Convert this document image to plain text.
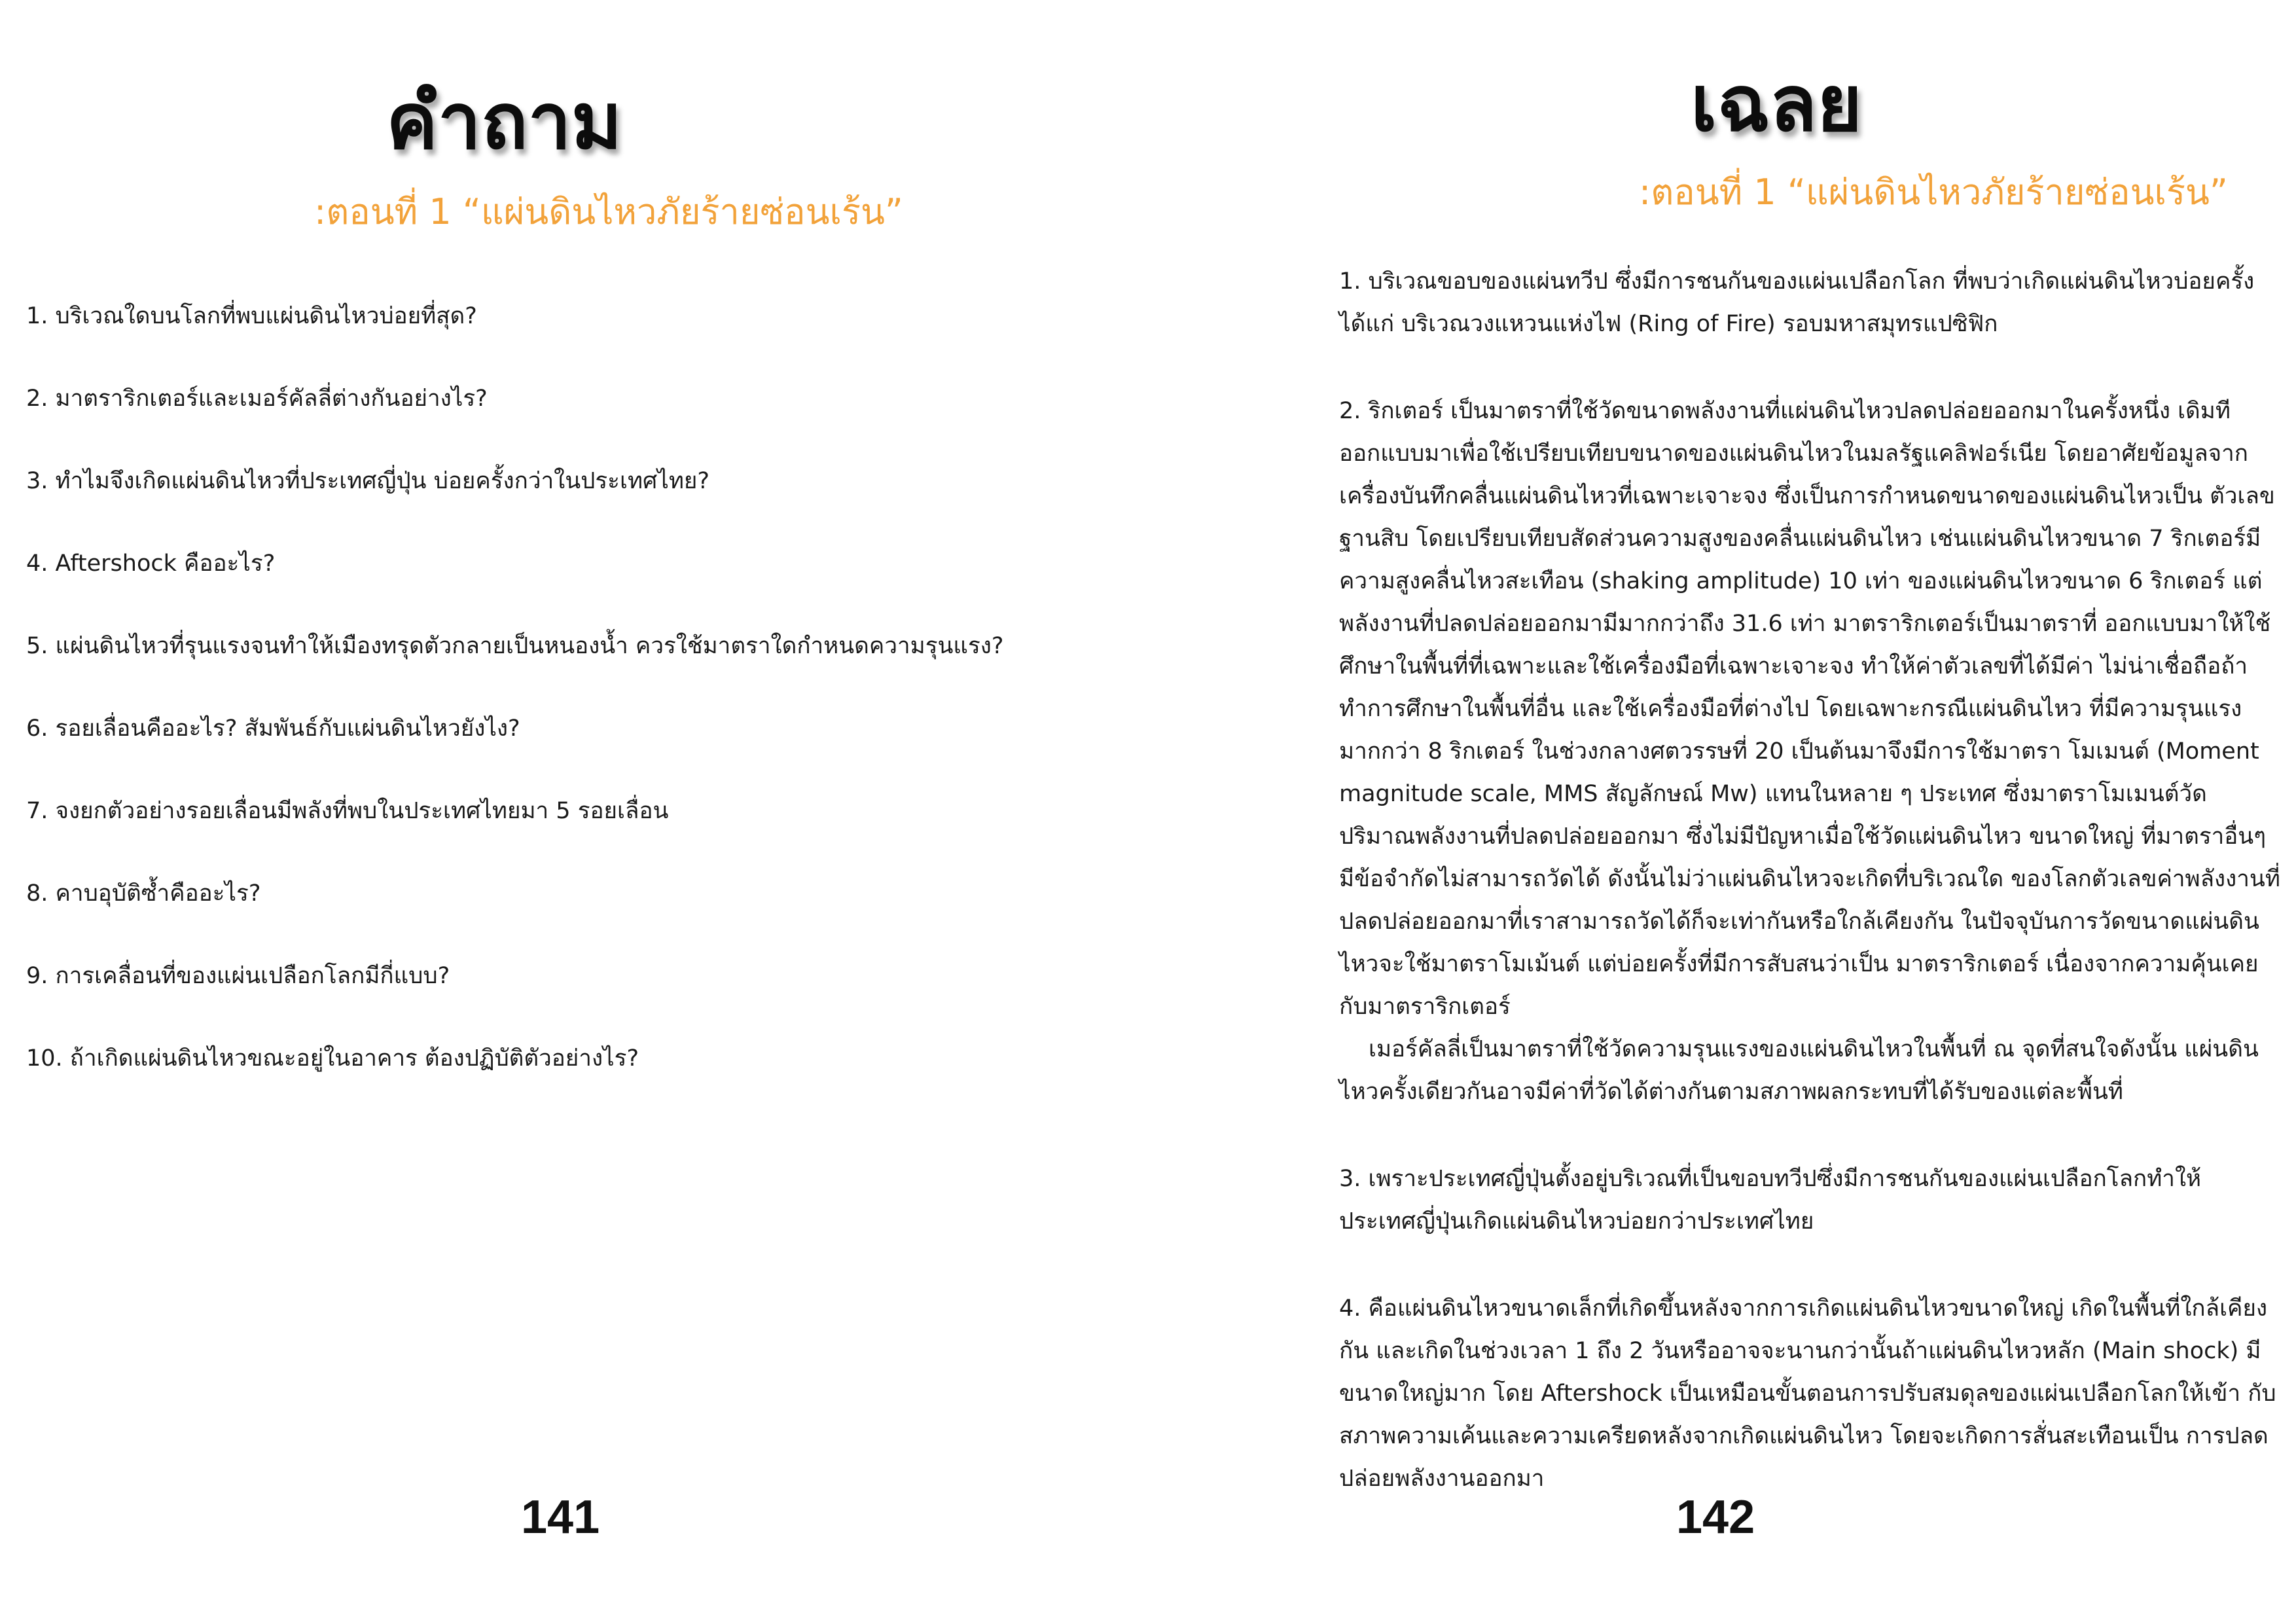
คำถาม
:ตอนที่ 1 “แผ่นดินไหวภัยร้ายซ่อนเร้น”
1. บริเวณใดบนโลกที่พบแผ่นดินไหวบ่อยที่สุด?
2. มาตราริกเตอร์และเมอร์คัลลี่ต่างกันอย่างไร?
3. ทำไมจึงเกิดแผ่นดินไหวที่ประเทศญี่ปุ่น บ่อยครั้งกว่าในประเทศไทย?
4. Aftershock คืออะไร?
5. แผ่นดินไหวที่รุนแรงจนทำให้เมืองทรุดตัวกลายเป็นหนองน้ำ ควรใช้มาตราใดกำหนดความรุนแรง?
6. รอยเลื่อนคืออะไร? สัมพันธ์กับแผ่นดินไหวยังไง?
7. จงยกตัวอย่างรอยเลื่อนมีพลังที่พบในประเทศไทยมา 5 รอยเลื่อน
8. คาบอุบัติซ้ำคืออะไร?
9. การเคลื่อนที่ของแผ่นเปลือกโลกมีกี่แบบ?
10. ถ้าเกิดแผ่นดินไหวขณะอยู่ในอาคาร ต้องปฏิบัติตัวอย่างไร?
141
เฉลย
:ตอนที่ 1 “แผ่นดินไหวภัยร้ายซ่อนเร้น”

1. บริเวณขอบของแผ่นทวีป ซึ่งมีการชนกันของแผ่นเปลือกโลก ที่พบว่าเกิดแผ่นดินไหวบ่อยครั้ง ได้แก่ บริเวณวงแหวนแห่งไฟ (Ring of Fire) รอบมหาสมุทรแปซิฟิก

2. ริกเตอร์ เป็นมาตราที่ใช้วัดขนาดพลังงานที่แผ่นดินไหวปลดปล่อยออกมาในครั้งหนึ่ง เดิมที ออกแบบมาเพื่อใช้เปรียบเทียบขนาดของแผ่นดินไหวในมลรัฐแคลิฟอร์เนีย โดยอาศัยข้อมูลจาก เครื่องบันทึกคลื่นแผ่นดินไหวที่เฉพาะเจาะจง ซึ่งเป็นการกำหนดขนาดของแผ่นดินไหวเป็น ตัวเลขฐานสิบ โดยเปรียบเทียบสัดส่วนความสูงของคลื่นแผ่นดินไหว เช่นแผ่นดินไหวขนาด 7 ริกเตอร์มีความสูงคลื่นไหวสะเทือน (shaking amplitude) 10 เท่า ของแผ่นดินไหวขนาด 6 ริกเตอร์ แต่พลังงานที่ปลดปล่อยออกมามีมากกว่าถึง 31.6 เท่า มาตราริกเตอร์เป็นมาตราที่ ออกแบบมาให้ใช้ศึกษาในพื้นที่ที่เฉพาะและใช้เครื่องมือที่เฉพาะเจาะจง ทำให้ค่าตัวเลขที่ได้มีค่า ไม่น่าเชื่อถือถ้าทำการศึกษาในพื้นที่อื่น และใช้เครื่องมือที่ต่างไป โดยเฉพาะกรณีแผ่นดินไหว ที่มีความรุนแรงมากกว่า 8 ริกเตอร์ ในช่วงกลางศตวรรษที่ 20 เป็นต้นมาจึงมีการใช้มาตรา โมเมนต์ (Moment magnitude scale, MMS สัญลักษณ์ Mw) แทนในหลาย ๆ ประเทศ ซึ่งมาตราโมเมนต์วัดปริมาณพลังงานที่ปลดปล่อยออกมา ซึ่งไม่มีปัญหาเมื่อใช้วัดแผ่นดินไหว ขนาดใหญ่ ที่มาตราอื่นๆ มีข้อจำกัดไม่สามารถวัดได้ ดังนั้นไม่ว่าแผ่นดินไหวจะเกิดที่บริเวณใด ของโลกตัวเลขค่าพลังงานที่ปลดปล่อยออกมาที่เราสามารถวัดได้ก็จะเท่ากันหรือใกล้เคียงกัน ในปัจจุบันการวัดขนาดแผ่นดินไหวจะใช้มาตราโมเม้นต์ แต่บ่อยครั้งที่มีการสับสนว่าเป็น มาตราริกเตอร์ เนื่องจากความคุ้นเคยกับมาตราริกเตอร์
เมอร์คัลลี่เป็นมาตราที่ใช้วัดความรุนแรงของแผ่นดินไหวในพื้นที่ ณ จุดที่สนใจดังนั้น แผ่นดินไหวครั้งเดียวกันอาจมีค่าที่วัดได้ต่างกันตามสภาพผลกระทบที่ได้รับของแต่ละพื้นที่

3. เพราะประเทศญี่ปุ่นตั้งอยู่บริเวณที่เป็นขอบทวีปซึ่งมีการชนกันของแผ่นเปลือกโลกทำให้ ประเทศญี่ปุ่นเกิดแผ่นดินไหวบ่อยกว่าประเทศไทย

4. คือแผ่นดินไหวขนาดเล็กที่เกิดขึ้นหลังจากการเกิดแผ่นดินไหวขนาดใหญ่ เกิดในพื้นที่ใกล้เคียง กัน และเกิดในช่วงเวลา 1 ถึง 2 วันหรืออาจจะนานกว่านั้นถ้าแผ่นดินไหวหลัก (Main shock) มีขนาดใหญ่มาก โดย Aftershock เป็นเหมือนขั้นตอนการปรับสมดุลของแผ่นเปลือกโลกให้เข้า กับสภาพความเค้นและความเครียดหลังจากเกิดแผ่นดินไหว โดยจะเกิดการสั่นสะเทือนเป็น การปลดปล่อยพลังงานออกมา

142
